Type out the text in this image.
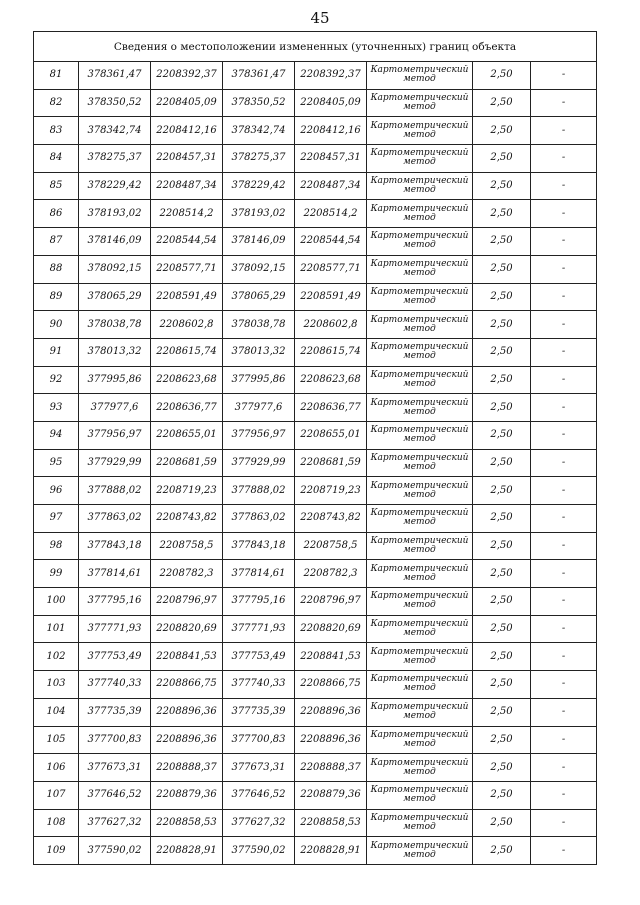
45
Сведения о местоположении измененных (уточненных) границ объекта							
81	378361,47	2208392,37	378361,47	2208392,37	Картометрический метод	2,50	-
82	378350,52	2208405,09	378350,52	2208405,09	Картометрический метод	2,50	-
83	378342,74	2208412,16	378342,74	2208412,16	Картометрический метод	2,50	-
84	378275,37	2208457,31	378275,37	2208457,31	Картометрический метод	2,50	-
85	378229,42	2208487,34	378229,42	2208487,34	Картометрический метод	2,50	-
86	378193,02	2208514,2	378193,02	2208514,2	Картометрический метод	2,50	-
87	378146,09	2208544,54	378146,09	2208544,54	Картометрический метод	2,50	-
88	378092,15	2208577,71	378092,15	2208577,71	Картометрический метод	2,50	-
89	378065,29	2208591,49	378065,29	2208591,49	Картометрический метод	2,50	-
90	378038,78	2208602,8	378038,78	2208602,8	Картометрический метод	2,50	-
91	378013,32	2208615,74	378013,32	2208615,74	Картометрический метод	2,50	-
92	377995,86	2208623,68	377995,86	2208623,68	Картометрический метод	2,50	-
93	377977,6	2208636,77	377977,6	2208636,77	Картометрический метод	2,50	-
94	377956,97	2208655,01	377956,97	2208655,01	Картометрический метод	2,50	-
95	377929,99	2208681,59	377929,99	2208681,59	Картометрический метод	2,50	-
96	377888,02	2208719,23	377888,02	2208719,23	Картометрический метод	2,50	-
97	377863,02	2208743,82	377863,02	2208743,82	Картометрический метод	2,50	-
98	377843,18	2208758,5	377843,18	2208758,5	Картометрический метод	2,50	-
99	377814,61	2208782,3	377814,61	2208782,3	Картометрический метод	2,50	-
100	377795,16	2208796,97	377795,16	2208796,97	Картометрический метод	2,50	-
101	377771,93	2208820,69	377771,93	2208820,69	Картометрический метод	2,50	-
102	377753,49	2208841,53	377753,49	2208841,53	Картометрический метод	2,50	-
103	377740,33	2208866,75	377740,33	2208866,75	Картометрический метод	2,50	-
104	377735,39	2208896,36	377735,39	2208896,36	Картометрический метод	2,50	-
105	377700,83	2208896,36	377700,83	2208896,36	Картометрический метод	2,50	-
106	377673,31	2208888,37	377673,31	2208888,37	Картометрический метод	2,50	-
107	377646,52	2208879,36	377646,52	2208879,36	Картометрический метод	2,50	-
108	377627,32	2208858,53	377627,32	2208858,53	Картометрический метод	2,50	-
109	377590,02	2208828,91	377590,02	2208828,91	Картометрический метод	2,50	-
